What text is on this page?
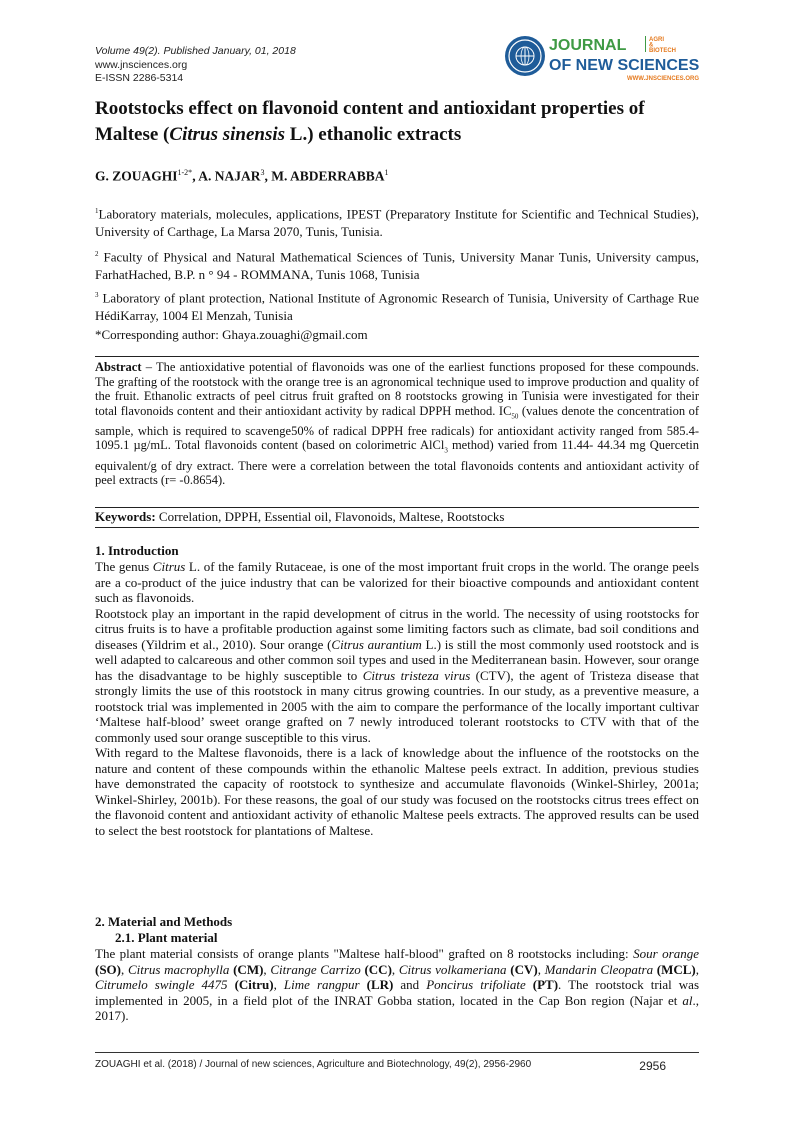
Volume 49(2). Published January, 01, 2018
www.jnsciences.org
E-ISSN 2286-5314
JOURNAL	AGRI
&
BIOTECH
OF NEW SCIENCES
WWW.JNSCIENCES.ORG
Rootstocks effect on flavonoid content and antioxidant properties of Maltese (Citrus sinensis L.) ethanolic extracts
G. $ZOUAGHI^{1-2*}$, A. NAJAR$^3$, M. ABDERRABBA$^1$
$^1$Laboratory materials, molecules, applications, IPEST (Preparatory Institute for Scientific and Technical Studies), University of Carthage, La Marsa 2070, Tunis, Tunisia.
$^2$ Faculty of Physical and Natural Mathematical Sciences of Tunis, University Manar Tunis, University campus, FarhatHached, B.P. n ° 94 - ROMMANA, Tunis 1068, Tunisia
$^3$ Laboratory of plant protection, National Institute of Agronomic Research of Tunisia, University of Carthage Rue HédiKarray, 1004 El Menzah, Tunisia
*Corresponding author: Ghaya.zouaghi@gmail.com
Abstract – The antioxidative potential of flavonoids was one of the earliest functions proposed for these compounds. The grafting of the rootstock with the orange tree is an agronomical technique used to improve production and quality of the fruit. Ethanolic extracts of peel citrus fruit grafted on 8 rootstocks growing in Tunisia were investigated for their total flavonoids content and their antioxidant activity by radical DPPH method. $IC_{50}$ (values denote the concentration of sample, which is required to scavenge50% of radical DPPH free radicals) for antioxidant activity ranged from 585.4-1095.1 µg/mL. Total flavonoids content (based on colorimetric AlCl$_3$ method) varied from 11.44- 44.34 mg Quercetin equivalent/g of dry extract. There were a correlation between the total flavonoids contents and antioxidant activity of peel extracts (r= -0.8654).
Keywords: Correlation, DPPH, Essential oil, Flavonoids, Maltese, Rootstocks
1. Introduction

The genus Citrus L. of the family Rutaceae, is one of the most important fruit crops in the world. The orange peels are a co-product of the juice industry that can be valorized for their bioactive compounds and antioxidant content such as flavonoids.

Rootstock play an important in the rapid development of citrus in the world. The necessity of using rootstocks for citrus fruits is to have a profitable production against some limiting factors such as climate, bad soil conditions and diseases (Yildrim et al., 2010). Sour orange (Citrus aurantium L.) is still the most commonly used rootstock and is well adapted to calcareous and other common soil types and used in the Mediterranean basin. However, sour orange has the disadvantage to be highly susceptible to Citrus tristeza virus (CTV), the agent of Tristeza disease that strongly limits the use of this rootstock in many citrus growing countries. In our study, as a preventive measure, a rootstock trial was implemented in 2005 with the aim to compare the performance of the locally important cultivar ‘Maltese half-blood’ sweet orange grafted on 7 newly introduced tolerant rootstocks to CTV with that of the commonly used sour orange susceptible to this virus.

With regard to the Maltese flavonoids, there is a lack of knowledge about the influence of the rootstocks on the nature and content of these compounds within the ethanolic Maltese peels extract. In addition, previous studies have demonstrated the capacity of rootstock to synthesize and accumulate flavonoids (Winkel-Shirley, 2001a; Winkel-Shirley, 2001b). For these reasons, the goal of our study was focused on the rootstocks citrus trees effect on the flavonoid content and antioxidant activity of ethanolic Maltese peels extracts. The approved results can be used to select the best rootstock for plantations of Maltese.

2. Material and Methods
2.1. Plant material

The plant material consists of orange plants "Maltese half-blood" grafted on 8 rootstocks including: Sour orange (SO), Citrus macrophylla (CM), Citrange Carrizo (CC), Citrus volkameriana (CV), Mandarin Cleopatra (MCL), Citrumelo swingle 4475 (Citru), Lime rangpur (LR) and Poncirus trifoliate (PT). The rootstock trial was implemented in 2005, in a field plot of the INRAT Gobba station, located in the Cap Bon region (Najar et al., 2017).

ZOUAGHI et al. (2018) / Journal of new sciences, Agriculture and Biotechnology, 49(2), 2956-2960	2956
